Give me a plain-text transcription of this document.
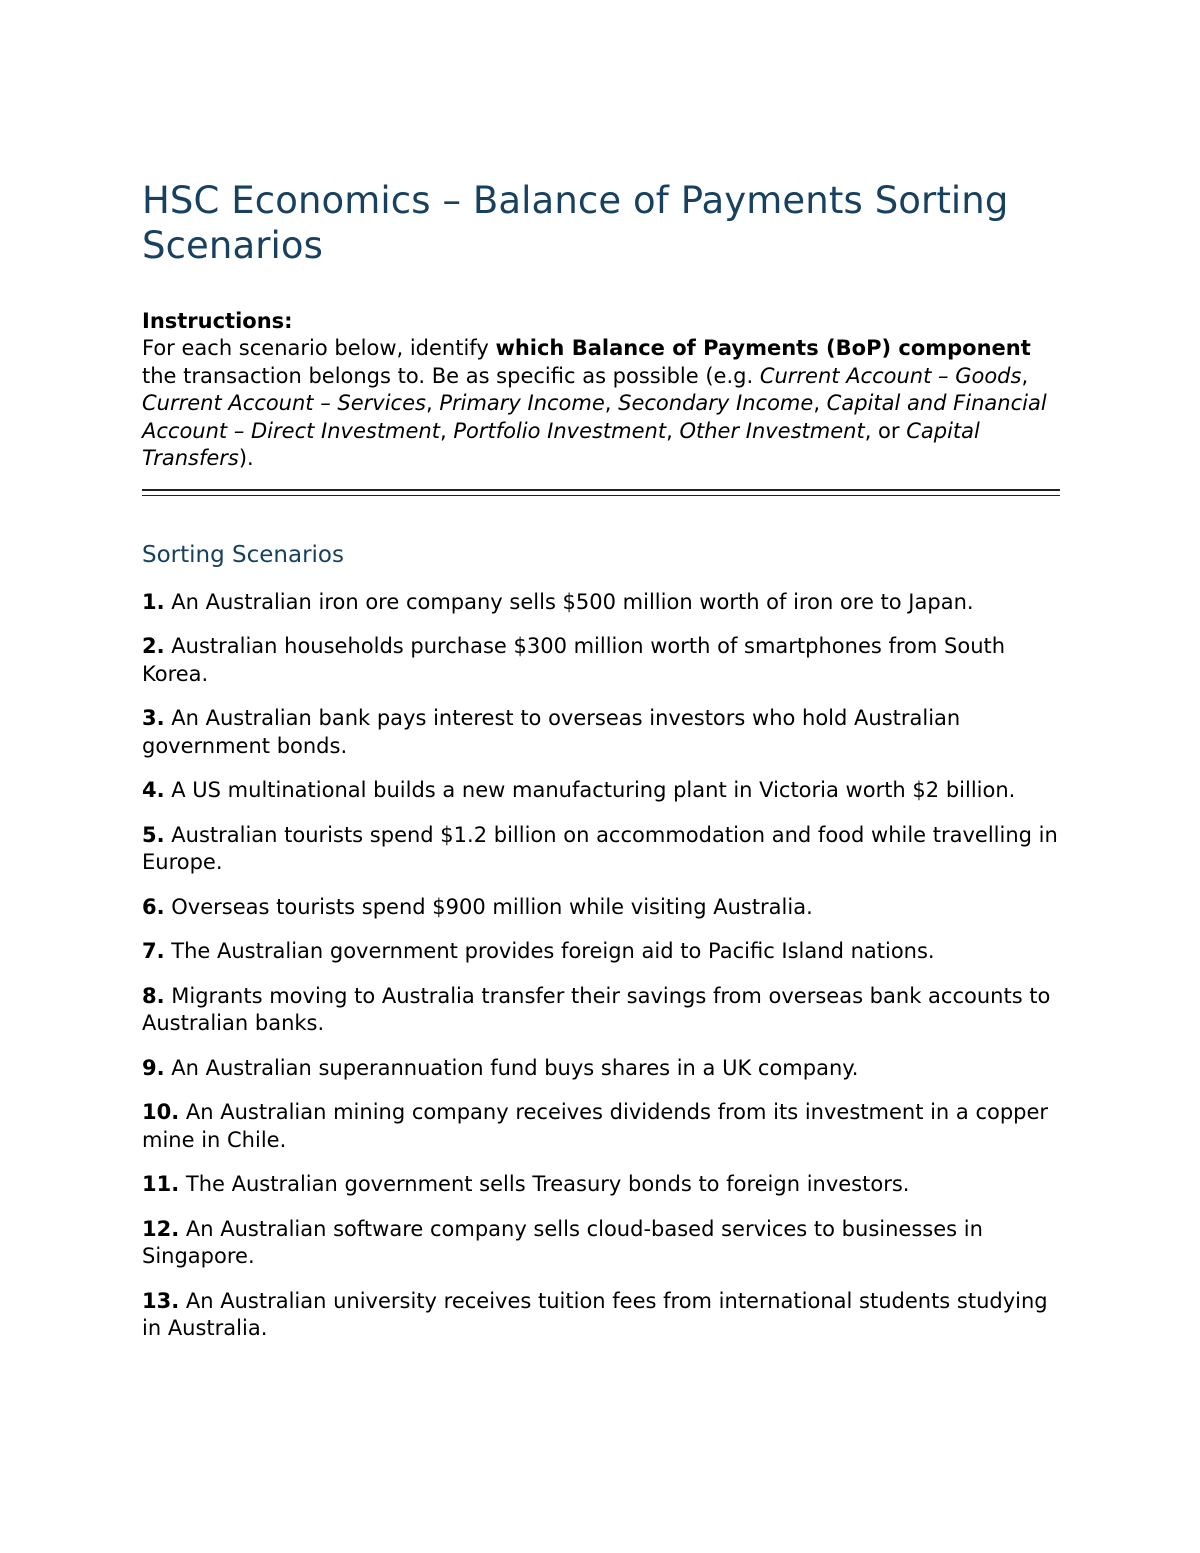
HSC Economics – Balance of Payments Sorting Scenarios
Instructions:

For each scenario below, identify which Balance of Payments (BoP) component the transaction belongs to. Be as specific as possible (e.g. Current Account – Goods, Current Account – Services, Primary Income, Secondary Income, Capital and Financial Account – Direct Investment, Portfolio Investment, Other Investment, or Capital Transfers).

Sorting Scenarios

1. An Australian iron ore company sells $500 million worth of iron ore to Japan.

2. Australian households purchase $300 million worth of smartphones from South Korea.

3. An Australian bank pays interest to overseas investors who hold Australian government bonds.

4. A US multinational builds a new manufacturing plant in Victoria worth $2 billion.

5. Australian tourists spend $1.2 billion on accommodation and food while travelling in Europe.

6. Overseas tourists spend $900 million while visiting Australia.

7. The Australian government provides foreign aid to Pacific Island nations.

8. Migrants moving to Australia transfer their savings from overseas bank accounts to Australian banks.

9. An Australian superannuation fund buys shares in a UK company.

10. An Australian mining company receives dividends from its investment in a copper mine in Chile.

11. The Australian government sells Treasury bonds to foreign investors.

12. An Australian software company sells cloud-based services to businesses in Singapore.

13. An Australian university receives tuition fees from international students studying in Australia.
